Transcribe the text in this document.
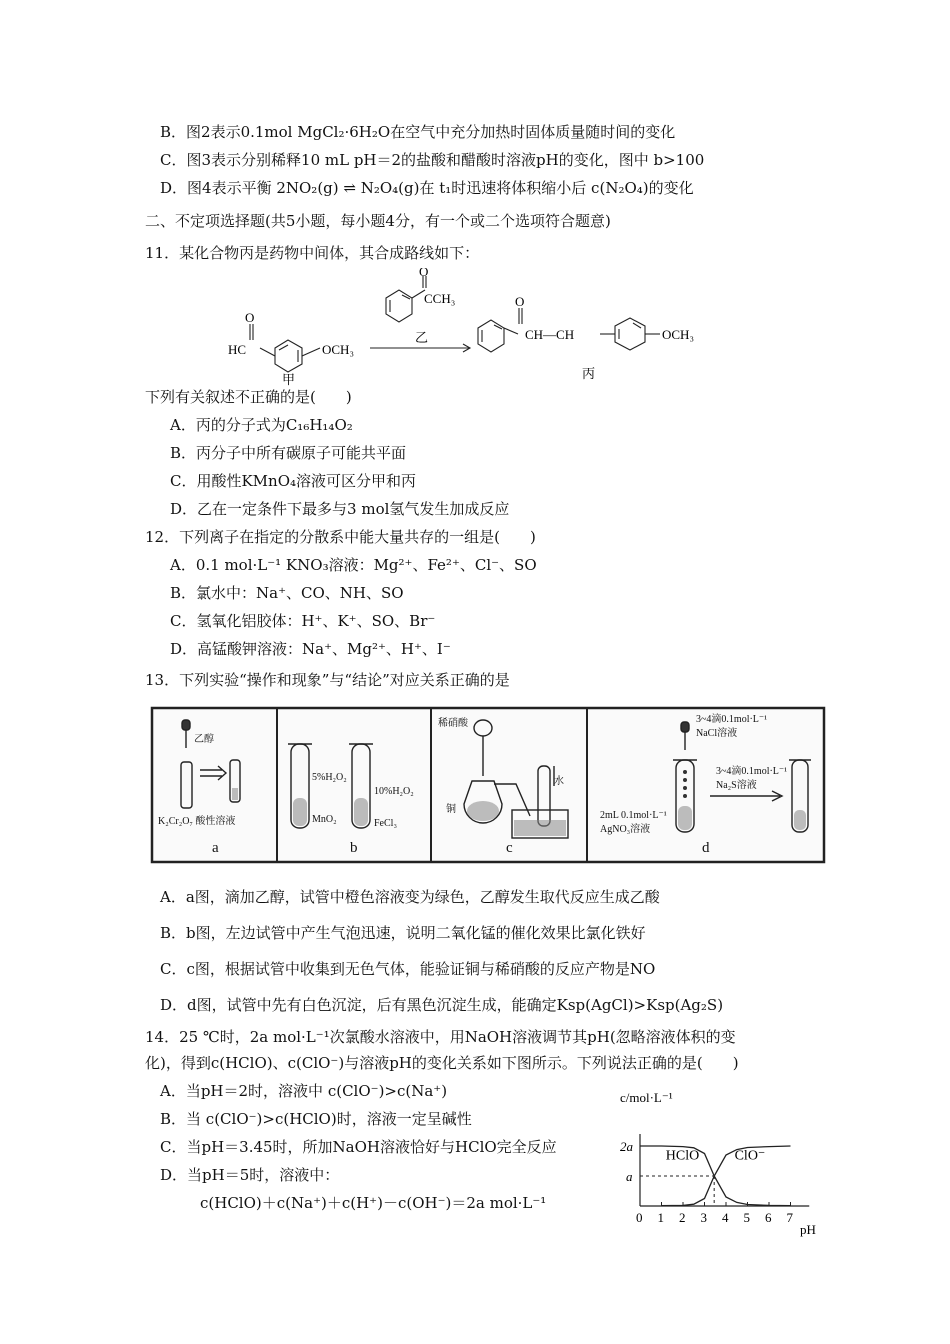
B．图2表示0.1mol MgCl₂·6H₂O在空气中充分加热时固体质量随时间的变化
C．图3表示分别稀释10 mL pH＝2的盐酸和醋酸时溶液pH的变化，图中 b>100
D．图4表示平衡 2NO₂(g) ⇌ N₂O₄(g)在 t₁时迅速将体积缩小后 c(N₂O₄)的变化
二、不定项选择题(共5小题，每小题4分，有一个或二个选项符合题意)
11．某化合物丙是药物中间体，其合成路线如下：
O
HC	OCH₃
甲
O
CCH₃
乙
O
CH—CH	OCH₃
丙
下列有关叙述不正确的是(　　)
A．丙的分子式为C₁₆H₁₄O₂
B．丙分子中所有碳原子可能共平面
C．用酸性KMnO₄溶液可区分甲和丙
D．乙在一定条件下最多与3 mol氢气发生加成反应
12．下列离子在指定的分散系中能大量共存的一组是(　　)
A．0.1 mol·L⁻¹ KNO₃溶液：Mg²⁺、Fe²⁺、Cl⁻、SO
B．氯水中：Na⁺、CO、NH、SO
C．氢氧化铝胶体：H⁺、K⁺、SO、Br⁻
D．高锰酸钾溶液：Na⁺、Mg²⁺、H⁺、I⁻
13．下列实验“操作和现象”与“结论”对应关系正确的是
乙醇
K₂Cr₂O₇ 酸性溶液
5%H₂O₂
MnO₂
10%H₂O₂
FeCl₃
稀硝酸
水
铜
3~4滴0.1mol·L⁻¹
NaCl溶液
3~4滴0.1mol·L⁻¹
Na₂S溶液
2mL 0.1mol·L⁻¹
AgNO₃溶液
a	b	c	d
A．a图，滴加乙醇，试管中橙色溶液变为绿色，乙醇发生取代反应生成乙酸
B．b图，左边试管中产生气泡迅速，说明二氧化锰的催化效果比氯化铁好
C．c图，根据试管中收集到无色气体，能验证铜与稀硝酸的反应产物是NO
D．d图，试管中先有白色沉淀，后有黑色沉淀生成，能确定Ksp(AgCl)>Ksp(Ag₂S)
14．25 ℃时，2a mol·L⁻¹次氯酸水溶液中，用NaOH溶液调节其pH(忽略溶液体积的变
化)，得到c(HClO)、c(ClO⁻)与溶液pH的变化关系如下图所示。下列说法正确的是(　　)
A．当pH＝2时，溶液中 c(ClO⁻)>c(Na⁺)
B．当 c(ClO⁻)>c(HClO)时，溶液一定呈碱性
C．当pH＝3.45时，所加NaOH溶液恰好与HClO完全反应
D．当pH＝5时，溶液中：
c(HClO)＋c(Na⁺)＋c(H⁺)－c(OH⁻)＝2a mol·L⁻¹
c/mol·L⁻¹
pH
0 1 2 3 4 5 6 7
a
2a
HClO	ClO⁻
